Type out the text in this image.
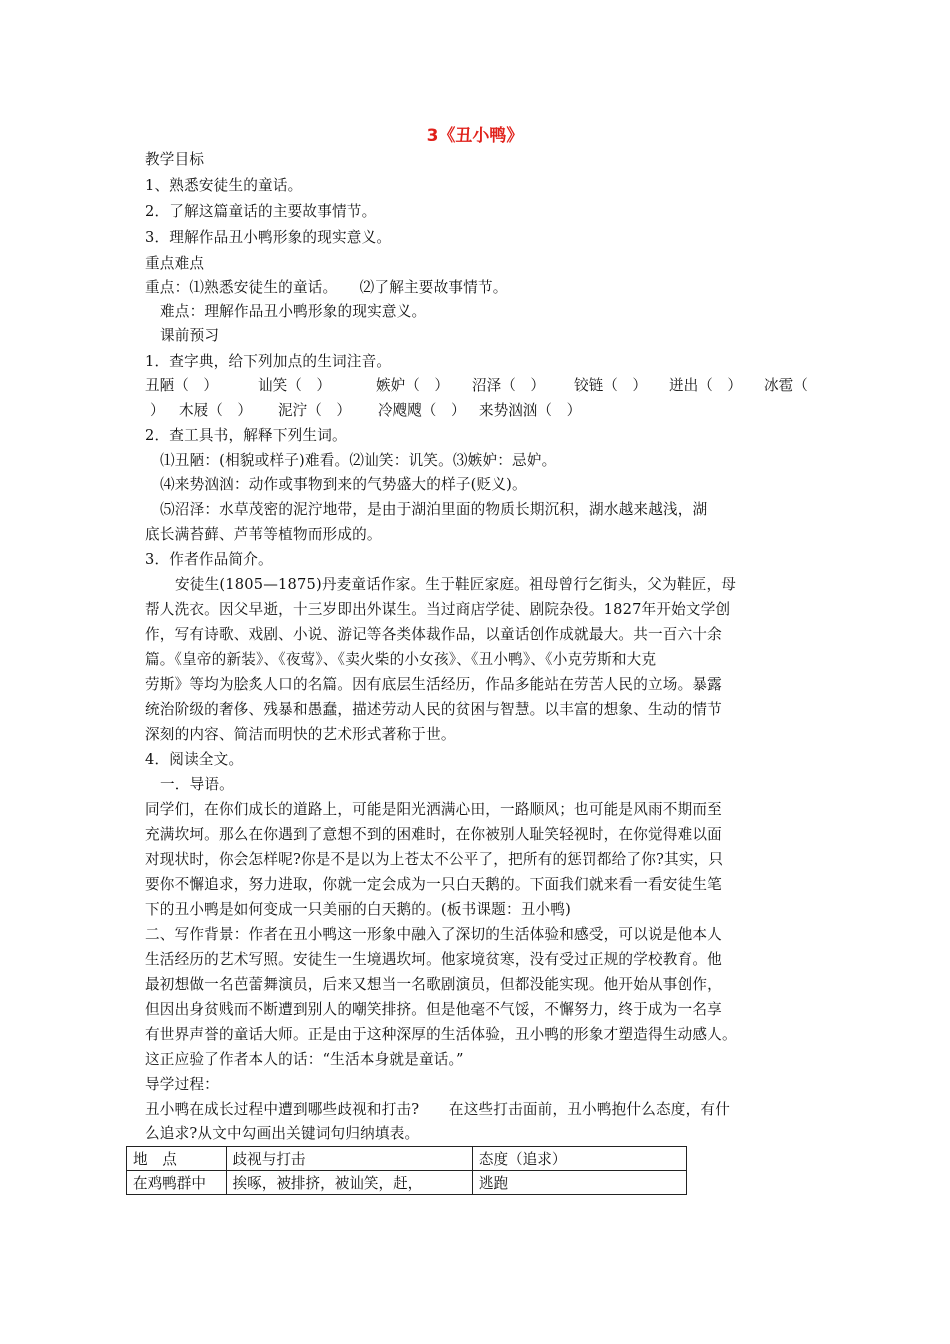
3《丑小鸭》
教学目标
1、熟悉安徒生的童话。
2．了解这篇童话的主要故事情节。
3．理解作品丑小鸭形象的现实意义。
重点难点
重点：⑴熟悉安徒生的童话。　　⑵了解主要故事情节。
难点：理解作品丑小鸭形象的现实意义。
课前预习
1．查字典，给下列加点的生词注音。
丑陋（　）	讪笑（　）	嫉妒（　） 沼泽（　） 铰链（　） 迸出（　） 冰雹（
） 木屐（　） 泥泞（　） 冷飕飕（　） 来势汹汹（　）
2．查工具书，解释下列生词。
⑴丑陋：(相貌或样子)难看。⑵讪笑：讥笑。⑶嫉妒：忌妒。
⑷来势汹汹：动作或事物到来的气势盛大的样子(贬义)。
⑸沼泽：水草茂密的泥泞地带，是由于湖泊里面的物质长期沉积，湖水越来越浅，湖
底长满苔藓、芦苇等植物而形成的。
3．作者作品简介。
安徒生(1805—1875)丹麦童话作家。生于鞋匠家庭。祖母曾行乞街头，父为鞋匠，母
帮人洗衣。因父早逝，十三岁即出外谋生。当过商店学徒、剧院杂役。1827年开始文学创
作，写有诗歌、戏剧、小说、游记等各类体裁作品，以童话创作成就最大。共一百六十余
篇。《皇帝的新装》、《夜莺》、《卖火柴的小女孩》、《丑小鸭》、《小克劳斯和大克
劳斯》等均为脍炙人口的名篇。因有底层生活经历，作品多能站在劳苦人民的立场。暴露
统治阶级的奢侈、残暴和愚蠢，描述劳动人民的贫困与智慧。以丰富的想象、生动的情节
深刻的内容、简洁而明快的艺术形式著称于世。
4．阅读全文。
一．导语。
同学们，在你们成长的道路上，可能是阳光洒满心田，一路顺风；也可能是风雨不期而至
充满坎坷。那么在你遇到了意想不到的困难时，在你被别人耻笑轻视时，在你觉得难以面
对现状时，你会怎样呢?你是不是以为上苍太不公平了，把所有的惩罚都给了你?其实，只
要你不懈追求，努力进取，你就一定会成为一只白天鹅的。下面我们就来看一看安徒生笔
下的丑小鸭是如何变成一只美丽的白天鹅的。(板书课题：丑小鸭)
二、写作背景：作者在丑小鸭这一形象中融入了深切的生活体验和感受，可以说是他本人
生活经历的艺术写照。安徒生一生境遇坎坷。他家境贫寒，没有受过正规的学校教育。他
最初想做一名芭蕾舞演员，后来又想当一名歌剧演员，但都没能实现。他开始从事创作，
但因出身贫贱而不断遭到别人的嘲笑排挤。但是他毫不气馁，不懈努力，终于成为一名享
有世界声誉的童话大师。正是由于这种深厚的生活体验，丑小鸭的形象才塑造得生动感人。
这正应验了作者本人的话：“生活本身就是童话。”
导学过程：
丑小鸭在成长过程中遭到哪些歧视和打击?　　在这些打击面前，丑小鸭抱什么态度，有什
么追求?从文中勾画出关键词句归纳填表。
地　点	歧视与打击	态度（追求）
在鸡鸭群中	挨啄，被排挤，被讪笑，赶，	逃跑
